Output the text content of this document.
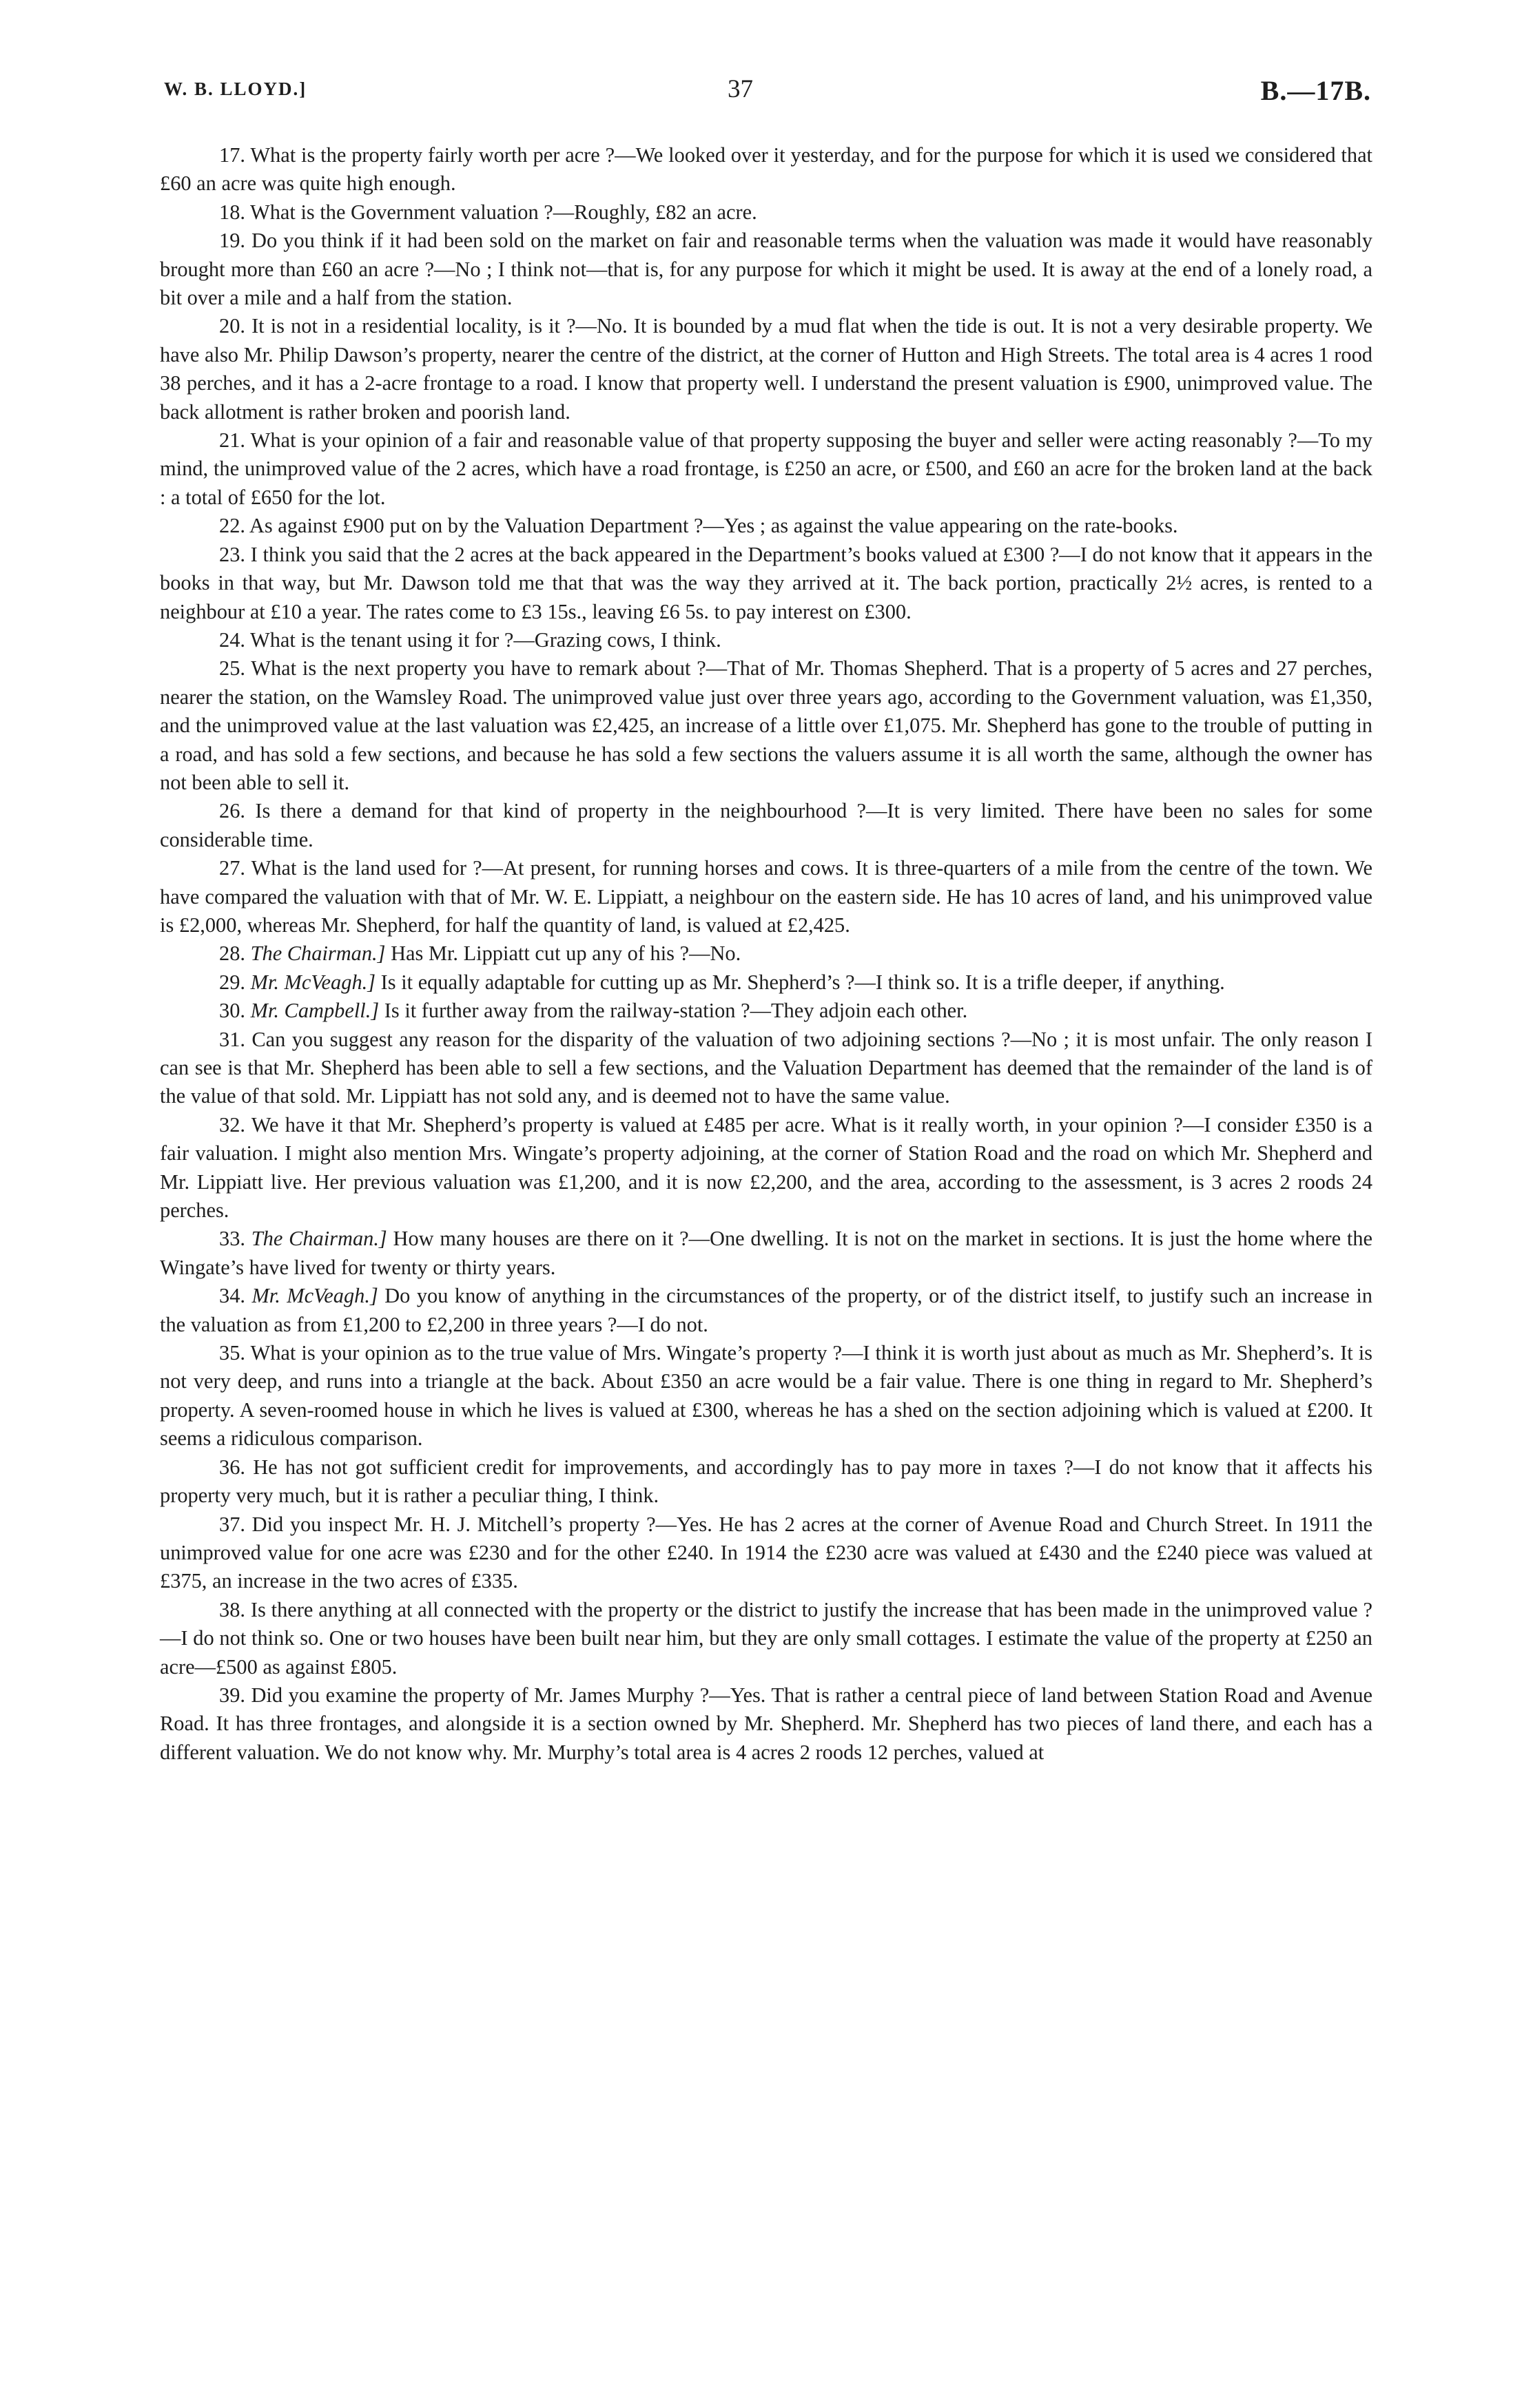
W. B. LLOYD.]	37	B.—17B.

17. What is the property fairly worth per acre ?—We looked over it yesterday, and for the purpose for which it is used we considered that £60 an acre was quite high enough.

18. What is the Government valuation ?—Roughly, £82 an acre.

19. Do you think if it had been sold on the market on fair and reasonable terms when the valuation was made it would have reasonably brought more than £60 an acre ?—No ; I think not—that is, for any purpose for which it might be used. It is away at the end of a lonely road, a bit over a mile and a half from the station.

20. It is not in a residential locality, is it ?—No. It is bounded by a mud flat when the tide is out. It is not a very desirable property. We have also Mr. Philip Dawson’s property, nearer the centre of the district, at the corner of Hutton and High Streets. The total area is 4 acres 1 rood 38 perches, and it has a 2-acre frontage to a road. I know that property well. I understand the present valuation is £900, unimproved value. The back allotment is rather broken and poorish land.

21. What is your opinion of a fair and reasonable value of that property supposing the buyer and seller were acting reasonably ?—To my mind, the unimproved value of the 2 acres, which have a road frontage, is £250 an acre, or £500, and £60 an acre for the broken land at the back : a total of £650 for the lot.

22. As against £900 put on by the Valuation Department ?—Yes ; as against the value appearing on the rate-books.

23. I think you said that the 2 acres at the back appeared in the Department’s books valued at £300 ?—I do not know that it appears in the books in that way, but Mr. Dawson told me that that was the way they arrived at it. The back portion, practically 2½ acres, is rented to a neighbour at £10 a year. The rates come to £3 15s., leaving £6 5s. to pay interest on £300.

24. What is the tenant using it for ?—Grazing cows, I think.

25. What is the next property you have to remark about ?—That of Mr. Thomas Shepherd. That is a property of 5 acres and 27 perches, nearer the station, on the Wamsley Road. The unimproved value just over three years ago, according to the Government valuation, was £1,350, and the unimproved value at the last valuation was £2,425, an increase of a little over £1,075. Mr. Shepherd has gone to the trouble of putting in a road, and has sold a few sections, and because he has sold a few sections the valuers assume it is all worth the same, although the owner has not been able to sell it.

26. Is there a demand for that kind of property in the neighbourhood ?—It is very limited. There have been no sales for some considerable time.

27. What is the land used for ?—At present, for running horses and cows. It is three-quarters of a mile from the centre of the town. We have compared the valuation with that of Mr. W. E. Lippiatt, a neighbour on the eastern side. He has 10 acres of land, and his unimproved value is £2,000, whereas Mr. Shepherd, for half the quantity of land, is valued at £2,425.

28. The Chairman.] Has Mr. Lippiatt cut up any of his ?—No.

29. Mr. McVeagh.] Is it equally adaptable for cutting up as Mr. Shepherd’s ?—I think so. It is a trifle deeper, if anything.

30. Mr. Campbell.] Is it further away from the railway-station ?—They adjoin each other.

31. Can you suggest any reason for the disparity of the valuation of two adjoining sections ?—No ; it is most unfair. The only reason I can see is that Mr. Shepherd has been able to sell a few sections, and the Valuation Department has deemed that the remainder of the land is of the value of that sold. Mr. Lippiatt has not sold any, and is deemed not to have the same value.

32. We have it that Mr. Shepherd’s property is valued at £485 per acre. What is it really worth, in your opinion ?—I consider £350 is a fair valuation. I might also mention Mrs. Wingate’s property adjoining, at the corner of Station Road and the road on which Mr. Shepherd and Mr. Lippiatt live. Her previous valuation was £1,200, and it is now £2,200, and the area, according to the assessment, is 3 acres 2 roods 24 perches.

33. The Chairman.] How many houses are there on it ?—One dwelling. It is not on the market in sections. It is just the home where the Wingate’s have lived for twenty or thirty years.

34. Mr. McVeagh.] Do you know of anything in the circumstances of the property, or of the district itself, to justify such an increase in the valuation as from £1,200 to £2,200 in three years ?—I do not.

35. What is your opinion as to the true value of Mrs. Wingate’s property ?—I think it is worth just about as much as Mr. Shepherd’s. It is not very deep, and runs into a triangle at the back. About £350 an acre would be a fair value. There is one thing in regard to Mr. Shepherd’s property. A seven-roomed house in which he lives is valued at £300, whereas he has a shed on the section adjoining which is valued at £200. It seems a ridiculous comparison.

36. He has not got sufficient credit for improvements, and accordingly has to pay more in taxes ?—I do not know that it affects his property very much, but it is rather a peculiar thing, I think.

37. Did you inspect Mr. H. J. Mitchell’s property ?—Yes. He has 2 acres at the corner of Avenue Road and Church Street. In 1911 the unimproved value for one acre was £230 and for the other £240. In 1914 the £230 acre was valued at £430 and the £240 piece was valued at £375, an increase in the two acres of £335.

38. Is there anything at all connected with the property or the district to justify the increase that has been made in the unimproved value ?—I do not think so. One or two houses have been built near him, but they are only small cottages. I estimate the value of the property at £250 an acre—£500 as against £805.

39. Did you examine the property of Mr. James Murphy ?—Yes. That is rather a central piece of land between Station Road and Avenue Road. It has three frontages, and alongside it is a section owned by Mr. Shepherd. Mr. Shepherd has two pieces of land there, and each has a different valuation. We do not know why. Mr. Murphy’s total area is 4 acres 2 roods 12 perches, valued at
